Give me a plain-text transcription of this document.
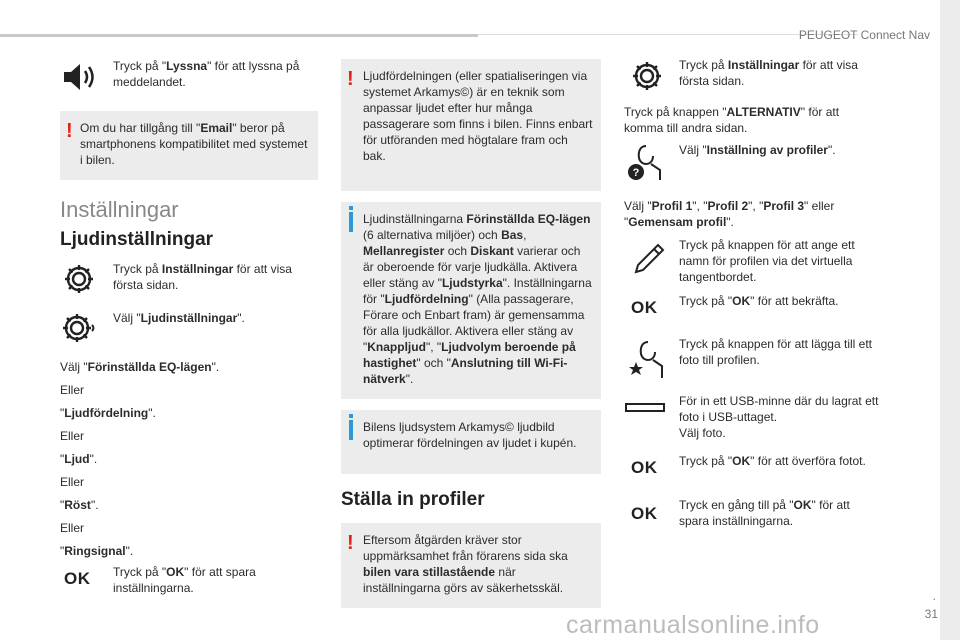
PEUGEOT Connect Nav
.
31
Tryck på "Lyssna" för att lyssna på meddelandet.
! Om du har tillgång till "Email" beror på smartphonens kompatibilitet med systemet i bilen.
Inställningar
Ljudinställningar
Tryck på Inställningar för att visa första sidan.
Välj "Ljudinställningar".
Välj "Förinställda EQ-lägen".
Eller
"Ljudfördelning".
Eller
"Ljud".
Eller
"Röst".
Eller
"Ringsignal".
OK Tryck på "OK" för att spara inställningarna.
! Ljudfördelningen (eller spatialiseringen via systemet Arkamys©) är en teknik som anpassar ljudet efter hur många passagerare som finns i bilen. Finns enbart för utföranden med högtalare fram och bak.
Ljudinställningarna Förinställda EQ-lägen (6 alternativa miljöer) och Bas, Mellanregister och Diskant varierar och är oberoende för varje ljudkälla. Aktivera eller stäng av "Ljudstyrka". Inställningarna för "Ljudfördelning" (Alla passagerare, Förare och Enbart fram) är gemensamma för alla ljudkällor. Aktivera eller stäng av "Knappljud", "Ljudvolym beroende på hastighet" och "Anslutning till Wi-Fi-nätverk".
Bilens ljudsystem Arkamys© ljudbild optimerar fördelningen av ljudet i kupén.
Ställa in profiler
! Eftersom åtgärden kräver stor uppmärksamhet från förarens sida ska bilen vara stillastående när inställningarna görs av säkerhetsskäl.
Tryck på Inställningar för att visa första sidan.
Tryck på knappen "ALTERNATIV" för att komma till andra sidan.
?
Välj "Inställning av profiler".
Välj "Profil 1", "Profil 2", "Profil 3" eller "Gemensam profil".
Tryck på knappen för att ange ett namn för profilen via det virtuella tangentbordet.
OK Tryck på "OK" för att bekräfta.
Tryck på knappen för att lägga till ett foto till profilen.
För in ett USB-minne där du lagrat ett foto i USB-uttaget.
Välj foto.
OK Tryck på "OK" för att överföra fotot.
OK Tryck en gång till på "OK" för att spara inställningarna.
carmanualsonline.info
